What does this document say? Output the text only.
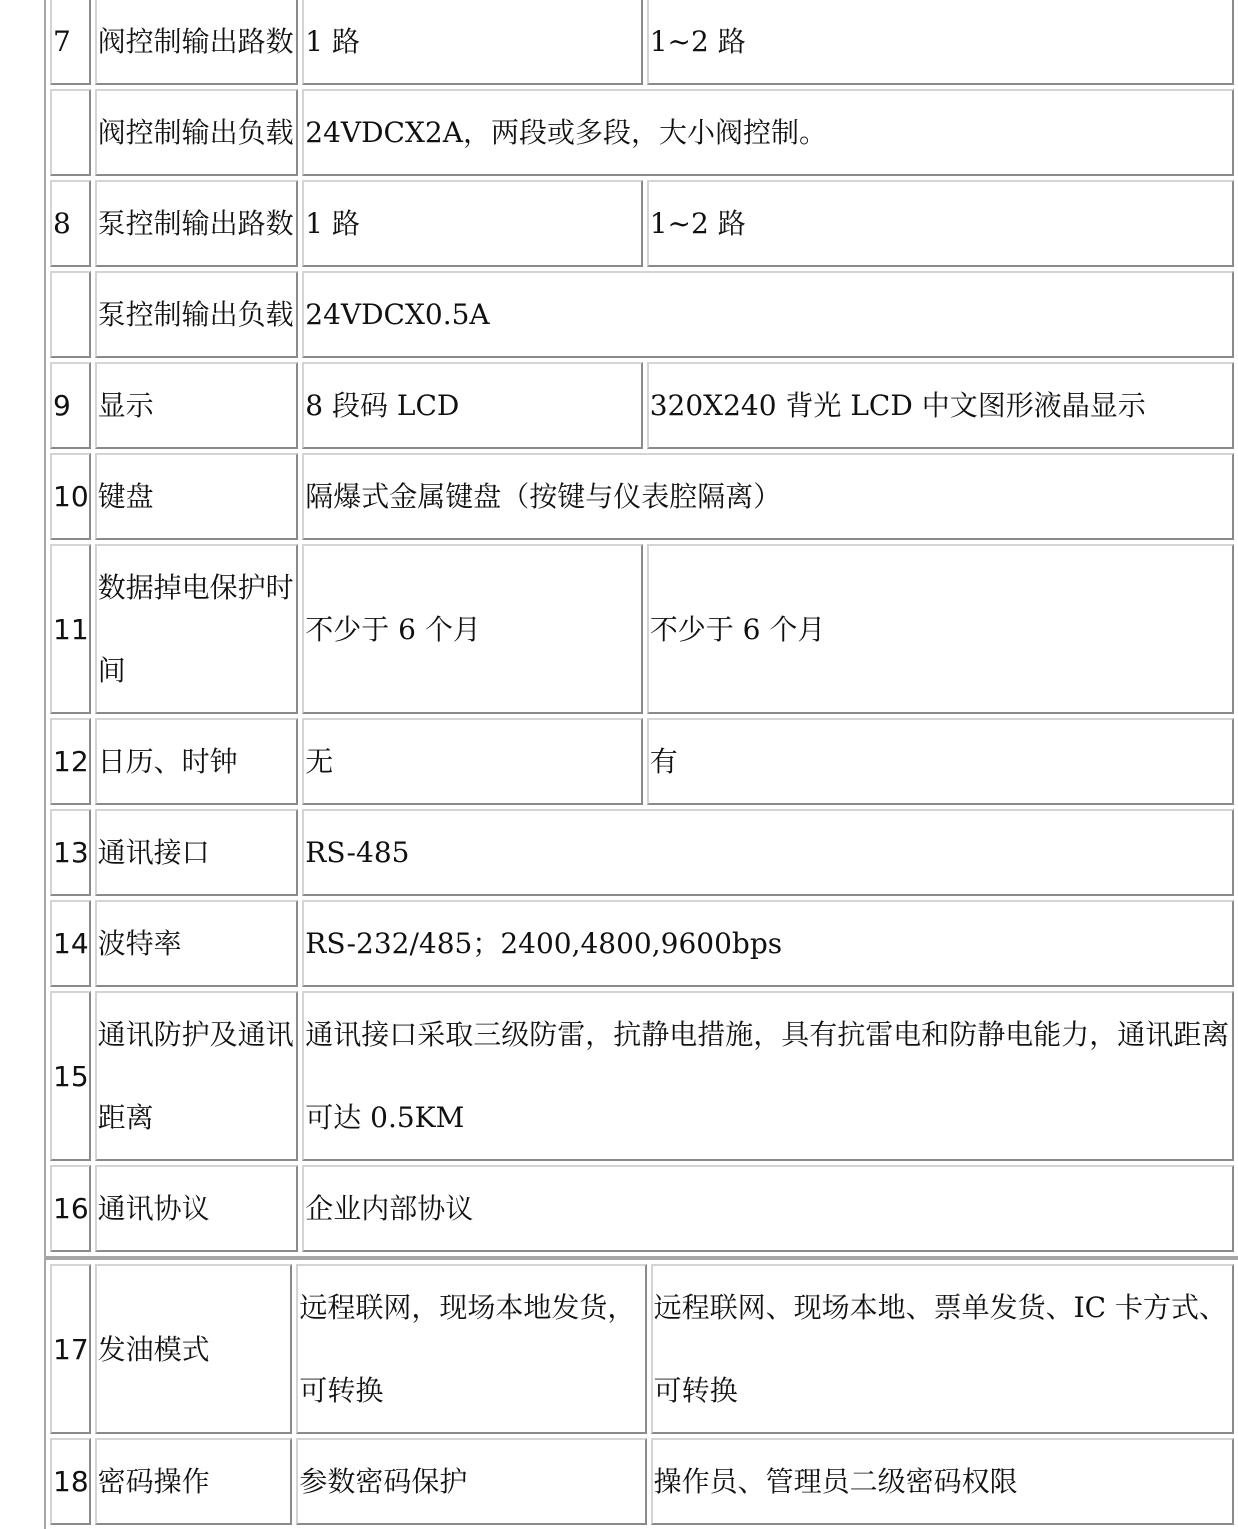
7	阀控制输出路数	1 路	1~2 路
	阀控制输出负载	24VDCX2A，两段或多段，大小阀控制。	
8	泵控制输出路数	1 路	1~2 路
	泵控制输出负载	24VDCX0.5A	
9	显示	8 段码 LCD	320X240 背光 LCD 中文图形液晶显示
10	键盘	隔爆式金属键盘（按键与仪表腔隔离）	
11	数据掉电保护时间	不少于 6 个月	不少于 6 个月
12	日历、时钟	无	有
13	通讯接口	RS-485	
14	波特率	RS-232/485；2400,4800,9600bps	
15	通讯防护及通讯距离	通讯接口采取三级防雷，抗静电措施，具有抗雷电和防静电能力，通讯距离可达 0.5KM	
16	通讯协议	企业内部协议	
17	发油模式	远程联网，现场本地发货，可转换	远程联网、现场本地、票单发货、IC 卡方式、可转换
18	密码操作	参数密码保护	操作员、管理员二级密码权限
